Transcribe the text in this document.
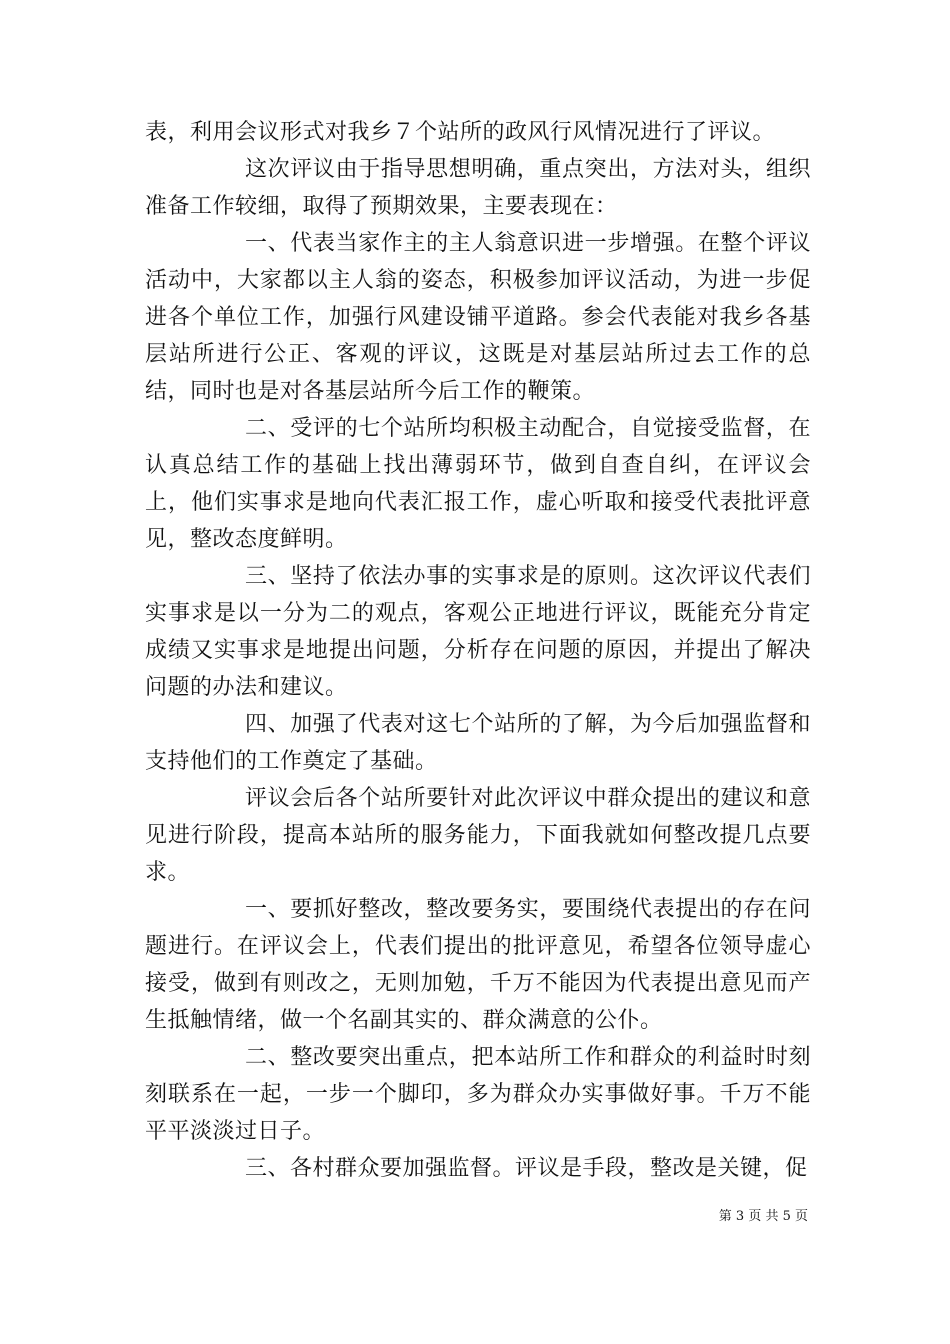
表，利用会议形式对我乡７个站所的政风行风情况进行了评议。

这次评议由于指导思想明确，重点突出，方法对头，组织准备工作较细，取得了预期效果，主要表现在：

一、代表当家作主的主人翁意识进一步增强。在整个评议活动中，大家都以主人翁的姿态，积极参加评议活动，为进一步促进各个单位工作，加强行风建设铺平道路。参会代表能对我乡各基层站所进行公正、客观的评议，这既是对基层站所过去工作的总结，同时也是对各基层站所今后工作的鞭策。

二、受评的七个站所均积极主动配合，自觉接受监督，在认真总结工作的基础上找出薄弱环节，做到自查自纠，在评议会上，他们实事求是地向代表汇报工作，虚心听取和接受代表批评意见，整改态度鲜明。

三、坚持了依法办事的实事求是的原则。这次评议代表们实事求是以一分为二的观点，客观公正地进行评议，既能充分肯定成绩又实事求是地提出问题，分析存在问题的原因，并提出了解决问题的办法和建议。

四、加强了代表对这七个站所的了解，为今后加强监督和支持他们的工作奠定了基础。

评议会后各个站所要针对此次评议中群众提出的建议和意见进行阶段，提高本站所的服务能力，下面我就如何整改提几点要求。

一、要抓好整改，整改要务实，要围绕代表提出的存在问题进行。在评议会上，代表们提出的批评意见，希望各位领导虚心接受，做到有则改之，无则加勉，千万不能因为代表提出意见而产生抵触情绪，做一个名副其实的、群众满意的公仆。

二、整改要突出重点，把本站所工作和群众的利益时时刻刻联系在一起，一步一个脚印，多为群众办实事做好事。千万不能平平淡淡过日子。

三、各村群众要加强监督。评议是手段，整改是关键，促

第 3 页 共 5 页
